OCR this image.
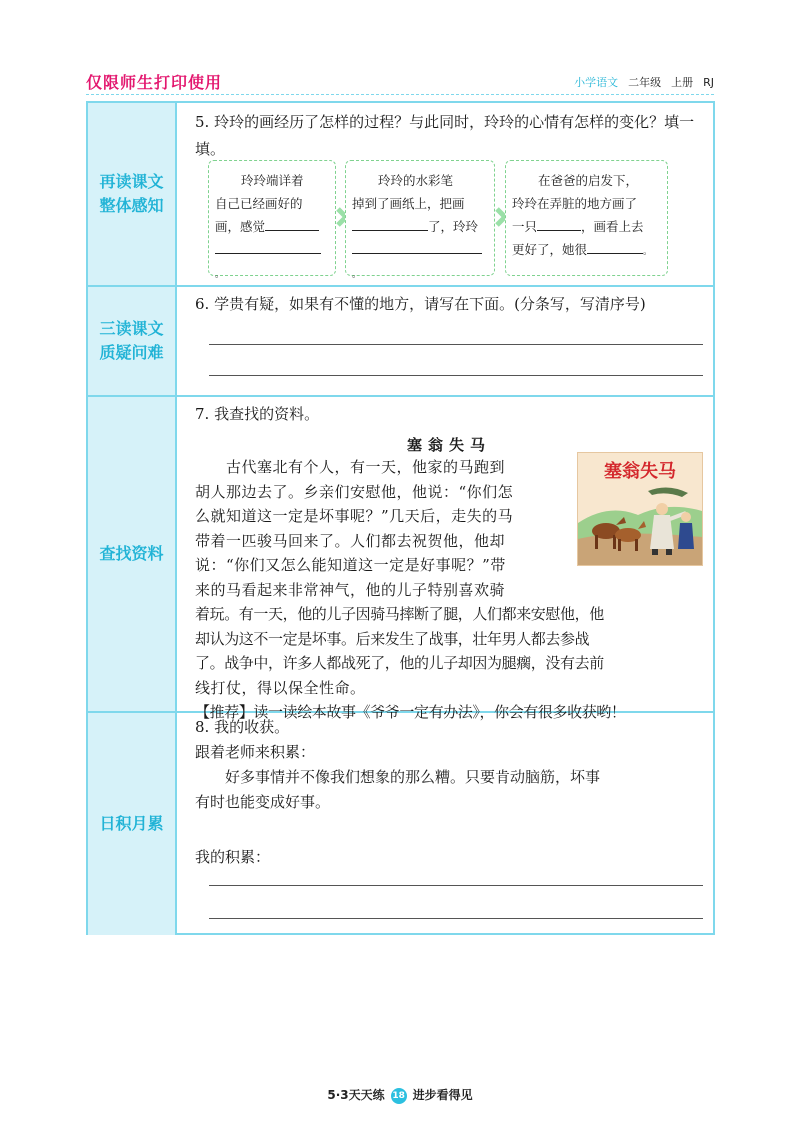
仅限师生打印使用	小学语文 二年级 上册 RJ
再读课文整体感知
5. 玲玲的画经历了怎样的过程？与此同时，玲玲的心情有怎样的变化？填一填。
玲玲端详着
自己已经画好的
画，感觉
。
玲玲的水彩笔
掉到了画纸上，把画
了，玲玲
。
在爸爸的启发下，
玲玲在弄脏的地方画了
一只	，画看上去
更好了，她很	。
三读课文质疑问难
6. 学贵有疑，如果有不懂的地方，请写在下面。(分条写，写清序号)
查找资料
7. 我查找的资料。
塞翁失马
　　古代塞北有个人，有一天，他家的马跑到
胡人那边去了。乡亲们安慰他，他说：“你们怎
么就知道这一定是坏事呢？”几天后，走失的马
带着一匹骏马回来了。人们都去祝贺他，他却
说：“你们又怎么能知道这一定是好事呢？”带
来的马看起来非常神气，他的儿子特别喜欢骑
着玩。有一天，他的儿子因骑马摔断了腿，人们都来安慰他，他
却认为这不一定是坏事。后来发生了战事，壮年男人都去参战
了。战争中，许多人都战死了，他的儿子却因为腿瘸，没有去前
线打仗，得以保全性命。
【推荐】读一读绘本故事《爷爷一定有办法》，你会有很多收获哟！
塞翁失马
日积月累
8. 我的收获。
跟着老师来积累：
　　好多事情并不像我们想象的那么糟。只要肯动脑筋，坏事
有时也能变成好事。
我的积累：
5·3天天练 18 进步看得见
